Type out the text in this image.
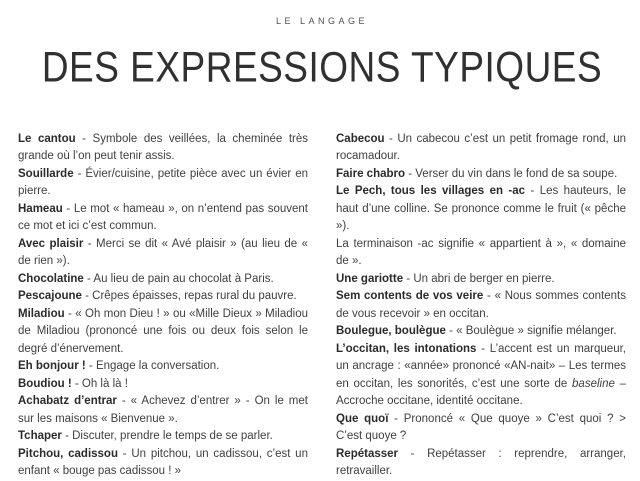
LE LANGAGE

DES EXPRESSIONS TYPIQUES

Le cantou - Symbole des veillées, la cheminée très grande où l’on peut tenir assis.

Souillarde - Évier/cuisine, petite pièce avec un évier en pierre.

Hameau - Le mot « hameau », on n’entend pas souvent ce mot et ici c’est commun.

Avec plaisir - Merci se dit « Avé plaisir » (au lieu de « de rien »).

Chocolatine - Au lieu de pain au chocolat à Paris.

Pescajoune - Crêpes épaisses, repas rural du pauvre.

Miladiou - « Oh mon Dieu ! » ou «Mille Dieux » Miladiou de Miladiou (prononcé une fois ou deux fois selon le degré d’énervement.

Eh bonjour ! - Engage la conversation.

Boudiou ! - Oh là là !

Achabatz d’entrar - « Achevez d’entrer » - On le met sur les maisons « Bienvenue ».

Tchaper - Discuter, prendre le temps de se parler.

Pitchou, cadissou - Un pitchou, un cadissou, c’est un enfant « bouge pas cadissou ! »

Cabecou - Un cabecou c’est un petit fromage rond, un rocamadour.

Faire chabro - Verser du vin dans le fond de sa soupe.

Le Pech, tous les villages en -ac - Les hauteurs, le haut d’une colline. Se prononce comme le fruit (« pêche »).

La terminaison -ac signifie « appartient à », « domaine de ».

Une gariotte - Un abri de berger en pierre.

Sem contents de vos veire - « Nous sommes contents de vous recevoir » en occitan.

Boulegue, boulègue - « Boulègue » signifie mélanger.

L’occitan, les intonations - L’accent est un marqueur, un ancrage : «année» prononcé «AN-nait» – Les termes en occitan, les sonorités, c’est une sorte de baseline – Accroche occitane, identité occitane.

Que quoï - Prononcé « Que quoye » C’est quoi ? > C’est quoye ?

Repétasser - Repétasser : reprendre, arranger, retravailler.
